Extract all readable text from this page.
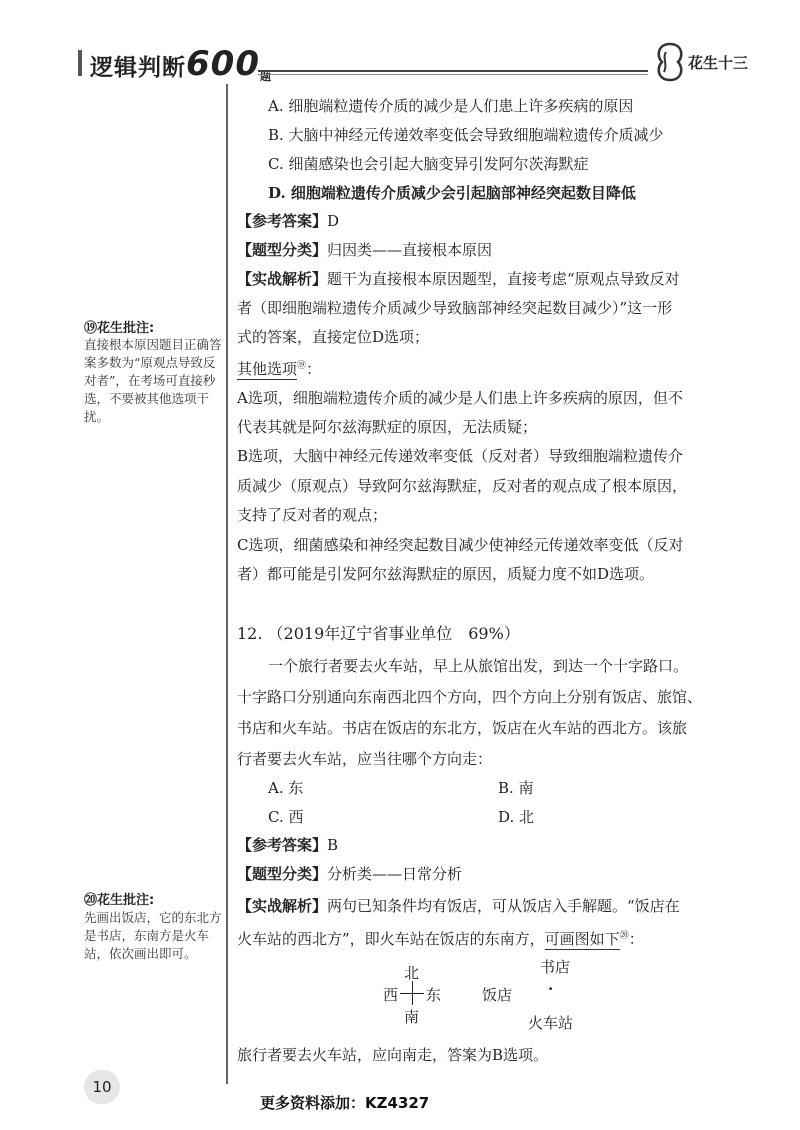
逻辑判断600题
花生十三
⑲花生批注:
直接根本原因题目正确答案多数为“原观点导致反对者”，在考场可直接秒选，不要被其他选项干扰。
⑳花生批注:
先画出饭店，它的东北方是书店，东南方是火车站，依次画出即可。
A. 细胞端粒遗传介质的减少是人们患上许多疾病的原因
B. 大脑中神经元传递效率变低会导致细胞端粒遗传介质减少
C. 细菌感染也会引起大脑变异引发阿尔茨海默症
D. 细胞端粒遗传介质减少会引起脑部神经突起数目降低
【参考答案】D
【题型分类】归因类——直接根本原因
【实战解析】题干为直接根本原因题型，直接考虑“原观点导致反对
者（即细胞端粒遗传介质减少导致脑部神经突起数目减少）”这一形
式的答案，直接定位D选项；
其他选项⑲：
A选项，细胞端粒遗传介质的减少是人们患上许多疾病的原因，但不
代表其就是阿尔兹海默症的原因，无法质疑；
B选项，大脑中神经元传递效率变低（反对者）导致细胞端粒遗传介
质减少（原观点）导致阿尔兹海默症，反对者的观点成了根本原因，
支持了反对者的观点；
C选项，细菌感染和神经突起数目减少使神经元传递效率变低（反对
者）都可能是引发阿尔兹海默症的原因，质疑力度不如D选项。
12. （2019年辽宁省事业单位　69%）
一个旅行者要去火车站，早上从旅馆出发，到达一个十字路口。
十字路口分别通向东南西北四个方向，四个方向上分别有饭店、旅馆、
书店和火车站。书店在饭店的东北方，饭店在火车站的西北方。该旅
行者要去火车站，应当往哪个方向走：
A. 东	B. 南
C. 西	D. 北
【参考答案】B
【题型分类】分析类——日常分析
【实战解析】两句已知条件均有饭店，可从饭店入手解题。“饭店在
火车站的西北方”，即火车站在饭店的东南方，可画图如下⑳：
北
西 东
南
书店
饭店 ·
火车站
旅行者要去火车站，应向南走，答案为B选项。
10
更多资料添加：KZ4327
